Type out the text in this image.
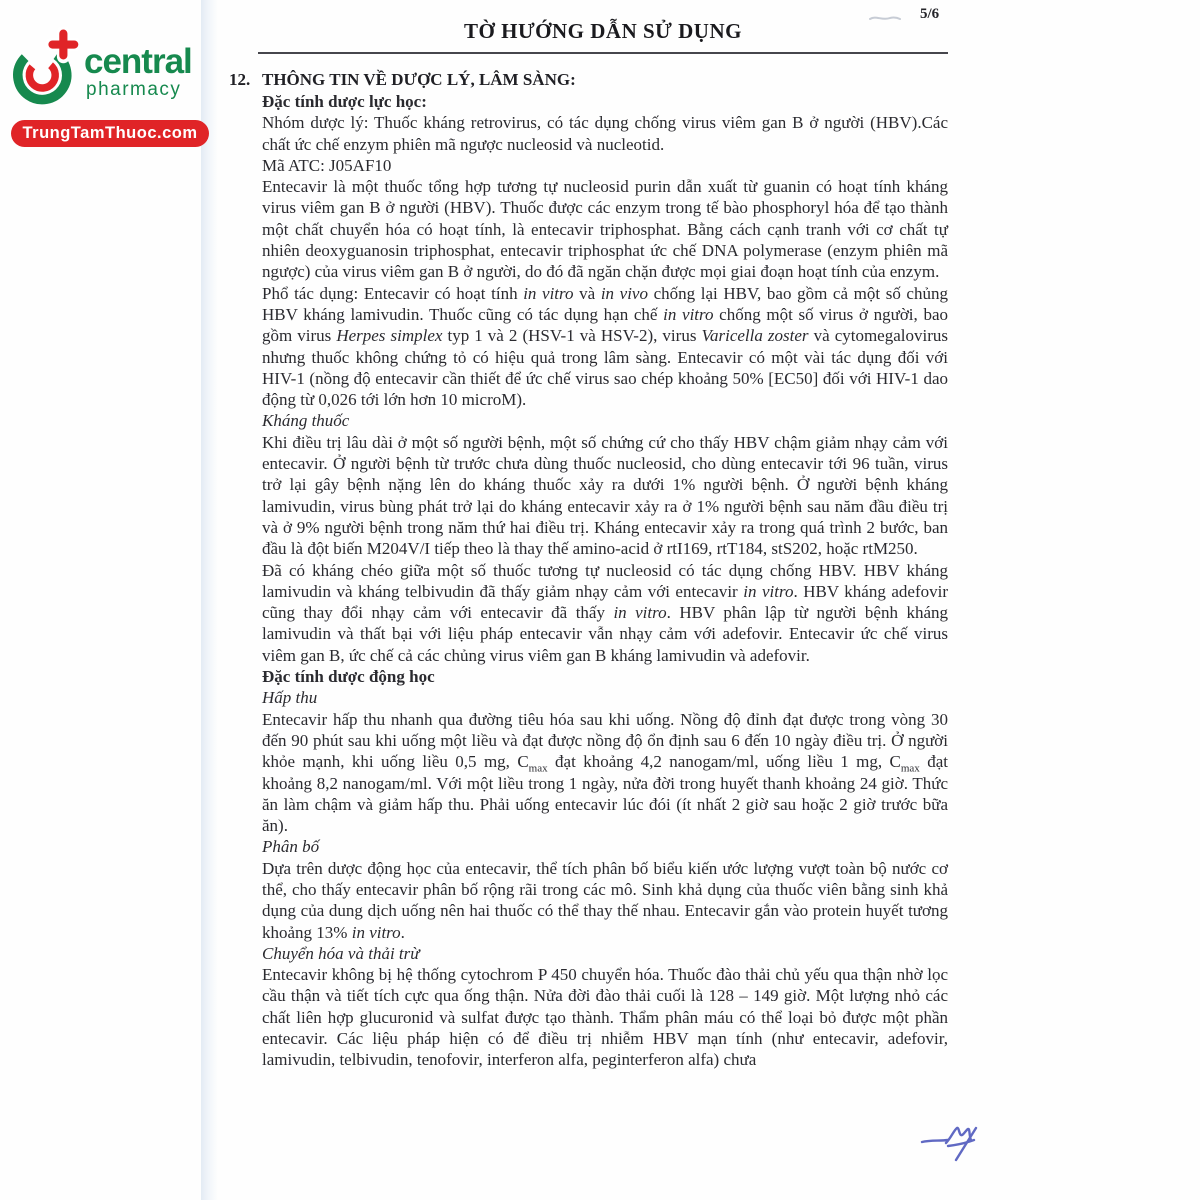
5/6
TỜ HƯỚNG DẪN SỬ DỤNG
12. THÔNG TIN VỀ DƯỢC LÝ, LÂM SÀNG:
Đặc tính dược lực học:
Nhóm dược lý: Thuốc kháng retrovirus, có tác dụng chống virus viêm gan B ở người (HBV).Các chất ức chế enzym phiên mã ngược nucleosid và nucleotid.
Mã ATC: J05AF10
Entecavir là một thuốc tổng hợp tương tự nucleosid purin dẫn xuất từ guanin có hoạt tính kháng virus viêm gan B ở người (HBV). Thuốc được các enzym trong tế bào phosphoryl hóa để tạo thành một chất chuyển hóa có hoạt tính, là entecavir triphosphat. Bằng cách cạnh tranh với cơ chất tự nhiên deoxyguanosin triphosphat, entecavir triphosphat ức chế DNA polymerase (enzym phiên mã ngược) của virus viêm gan B ở người, do đó đã ngăn chặn được mọi giai đoạn hoạt tính của enzym.
Phổ tác dụng: Entecavir có hoạt tính in vitro và in vivo chống lại HBV, bao gồm cả một số chủng HBV kháng lamivudin. Thuốc cũng có tác dụng hạn chế in vitro chống một số virus ở người, bao gồm virus Herpes simplex typ 1 và 2 (HSV-1 và HSV-2), virus Varicella zoster và cytomegalovirus nhưng thuốc không chứng tỏ có hiệu quả trong lâm sàng. Entecavir có một vài tác dụng đối với HIV-1 (nồng độ entecavir cần thiết để ức chế virus sao chép khoảng 50% [EC50] đối với HIV-1 dao động từ 0,026 tới lớn hơn 10 microM).
Kháng thuốc
Khi điều trị lâu dài ở một số người bệnh, một số chứng cứ cho thấy HBV chậm giảm nhạy cảm với entecavir. Ở người bệnh từ trước chưa dùng thuốc nucleosid, cho dùng entecavir tới 96 tuần, virus trở lại gây bệnh nặng lên do kháng thuốc xảy ra dưới 1% người bệnh. Ở người bệnh kháng lamivudin, virus bùng phát trở lại do kháng entecavir xảy ra ở 1% người bệnh sau năm đầu điều trị và ở 9% người bệnh trong năm thứ hai điều trị. Kháng entecavir xảy ra trong quá trình 2 bước, ban đầu là đột biến M204V/I tiếp theo là thay thế amino-acid ở rtI169, rtT184, stS202, hoặc rtM250.
Đã có kháng chéo giữa một số thuốc tương tự nucleosid có tác dụng chống HBV. HBV kháng lamivudin và kháng telbivudin đã thấy giảm nhạy cảm với entecavir in vitro. HBV kháng adefovir cũng thay đổi nhạy cảm với entecavir đã thấy in vitro. HBV phân lập từ người bệnh kháng lamivudin và thất bại với liệu pháp entecavir vẫn nhạy cảm với adefovir. Entecavir ức chế virus viêm gan B, ức chế cả các chủng virus viêm gan B kháng lamivudin và adefovir.
Đặc tính dược động học
Hấp thu
Entecavir hấp thu nhanh qua đường tiêu hóa sau khi uống. Nồng độ đỉnh đạt được trong vòng 30 đến 90 phút sau khi uống một liều và đạt được nồng độ ổn định sau 6 đến 10 ngày điều trị. Ở người khỏe mạnh, khi uống liều 0,5 mg, $C_{max}$ đạt khoảng 4,2 nanogam/ml, uống liều 1 mg, $C_{max}$ đạt khoảng 8,2 nanogam/ml. Với một liều trong 1 ngày, nửa đời trong huyết thanh khoảng 24 giờ. Thức ăn làm chậm và giảm hấp thu. Phải uống entecavir lúc đói (ít nhất 2 giờ sau hoặc 2 giờ trước bữa ăn).
Phân bố
Dựa trên dược động học của entecavir, thể tích phân bố biểu kiến ước lượng vượt toàn bộ nước cơ thể, cho thấy entecavir phân bố rộng rãi trong các mô. Sinh khả dụng của thuốc viên bằng sinh khả dụng của dung dịch uống nên hai thuốc có thể thay thế nhau. Entecavir gắn vào protein huyết tương khoảng 13% in vitro.
Chuyển hóa và thải trừ
Entecavir không bị hệ thống cytochrom P 450 chuyển hóa. Thuốc đào thải chủ yếu qua thận nhờ lọc cầu thận và tiết tích cực qua ống thận. Nửa đời đào thải cuối là 128 – 149 giờ. Một lượng nhỏ các chất liên hợp glucuronid và sulfat được tạo thành. Thẩm phân máu có thể loại bỏ được một phần entecavir. Các liệu pháp hiện có để điều trị nhiễm HBV mạn tính (như entecavir, adefovir, lamivudin, telbivudin, tenofovir, interferon alfa, peginterferon alfa) chưa
central
pharmacy
TrungTamThuoc.com
